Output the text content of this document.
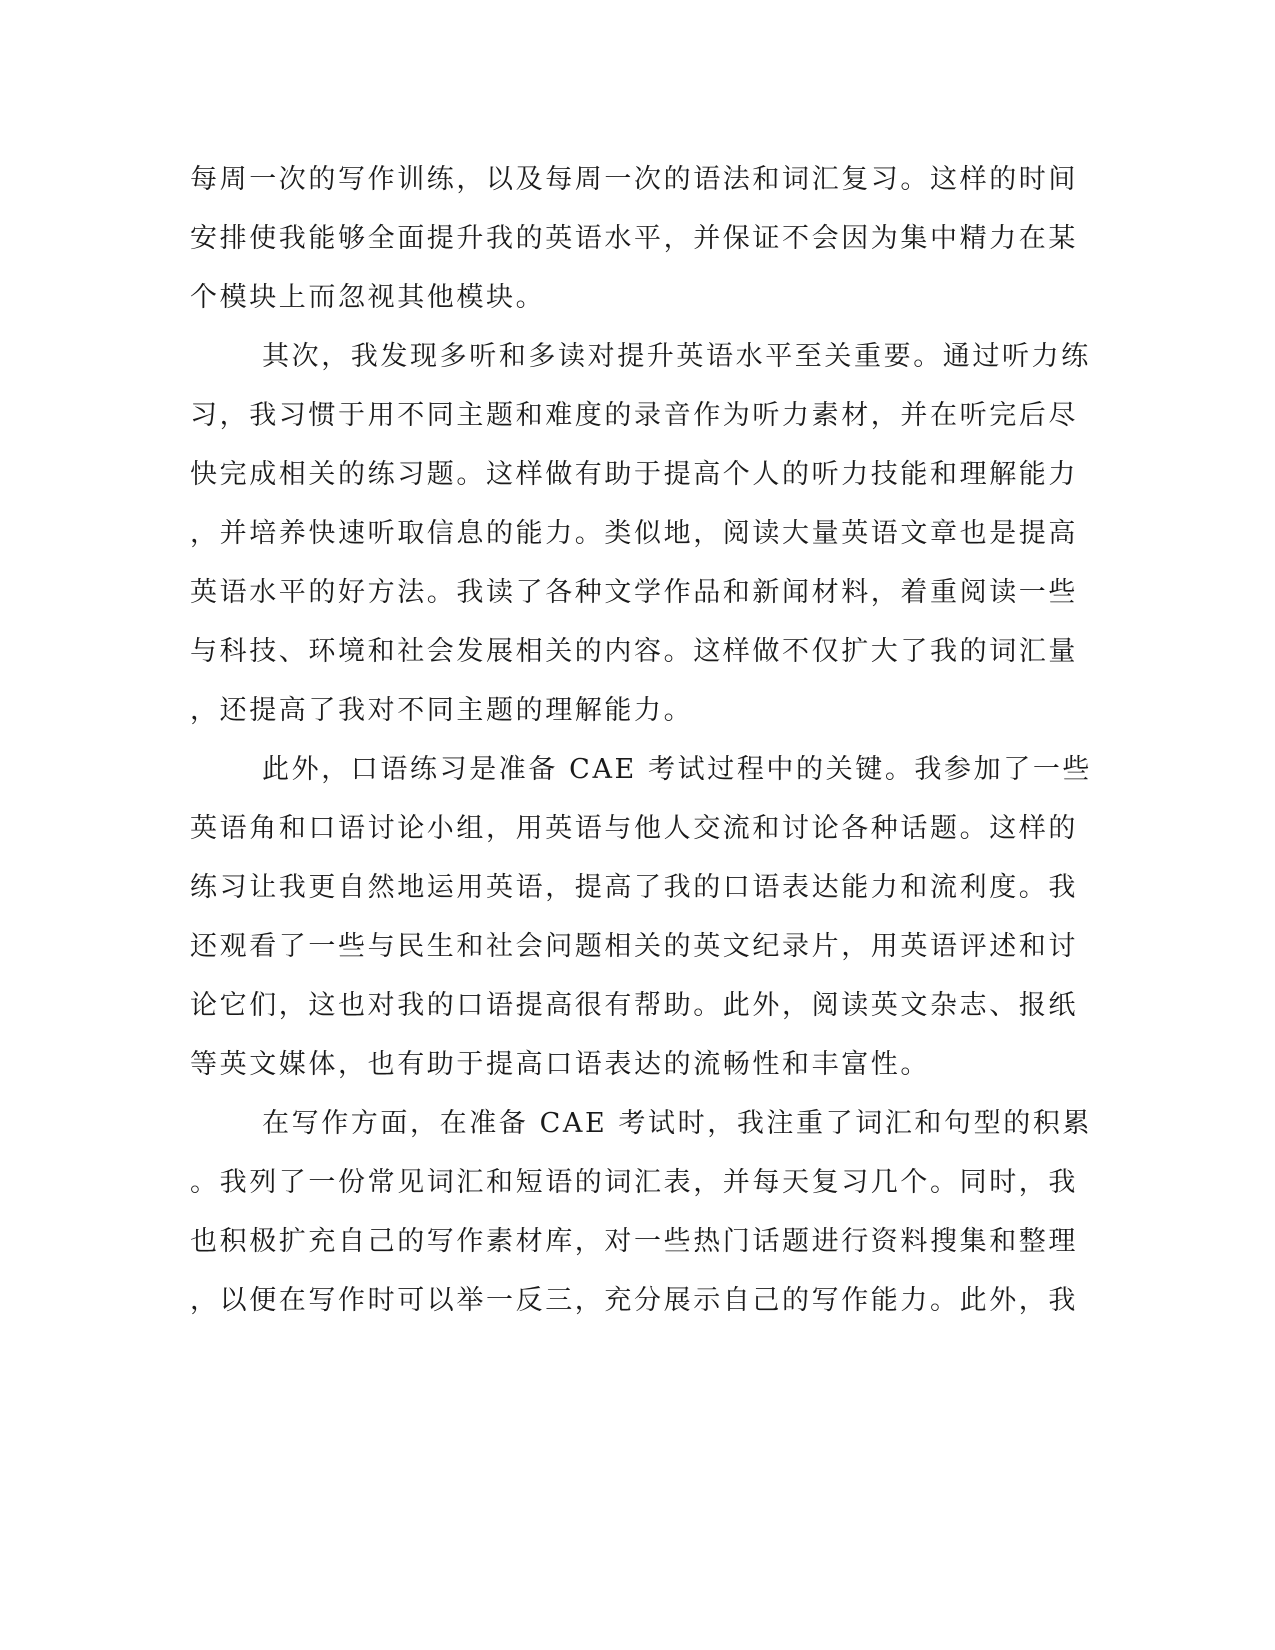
每周一次的写作训练，以及每周一次的语法和词汇复习。这样的时间
安排使我能够全面提升我的英语水平，并保证不会因为集中精力在某
个模块上而忽视其他模块。
其次，我发现多听和多读对提升英语水平至关重要。通过听力练
习，我习惯于用不同主题和难度的录音作为听力素材，并在听完后尽
快完成相关的练习题。这样做有助于提高个人的听力技能和理解能力
，并培养快速听取信息的能力。类似地，阅读大量英语文章也是提高
英语水平的好方法。我读了各种文学作品和新闻材料，着重阅读一些
与科技、环境和社会发展相关的内容。这样做不仅扩大了我的词汇量
，还提高了我对不同主题的理解能力。
此外，口语练习是准备 CAE 考试过程中的关键。我参加了一些
英语角和口语讨论小组，用英语与他人交流和讨论各种话题。这样的
练习让我更自然地运用英语，提高了我的口语表达能力和流利度。我
还观看了一些与民生和社会问题相关的英文纪录片，用英语评述和讨
论它们，这也对我的口语提高很有帮助。此外，阅读英文杂志、报纸
等英文媒体，也有助于提高口语表达的流畅性和丰富性。
在写作方面，在准备 CAE 考试时，我注重了词汇和句型的积累
。我列了一份常见词汇和短语的词汇表，并每天复习几个。同时，我
也积极扩充自己的写作素材库，对一些热门话题进行资料搜集和整理
，以便在写作时可以举一反三，充分展示自己的写作能力。此外，我
